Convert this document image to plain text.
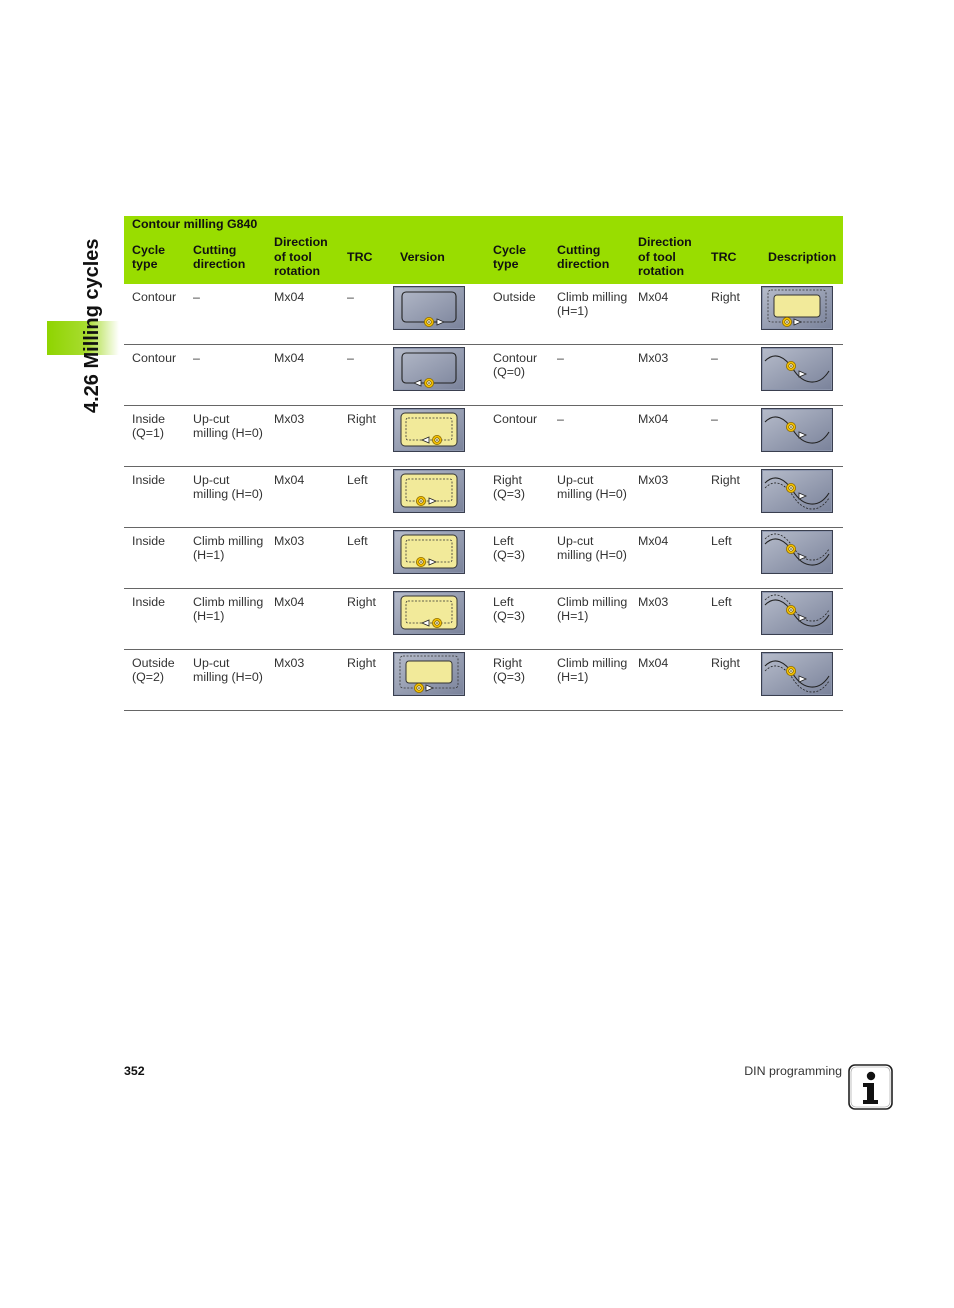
4.26 Milling cycles
Contour milling G840									
Cycle type	Cutting direction	Direction of tool rotation	TRC	Version	Cycle type	Cutting direction	Direction of tool rotation	TRC	Description
Contour	–	Mx04	–		Outside	Climb milling (H=1)	Mx04	Right	

Contour	–	Mx04	–		Contour (Q=0)	–	Mx03	–	

Inside (Q=1)	Up-cut milling (H=0)	Mx03	Right		Contour	–	Mx04	–	

Inside	Up-cut milling (H=0)	Mx04	Left		Right (Q=3)	Up-cut milling (H=0)	Mx03	Right	

Inside	Climb milling (H=1)	Mx03	Left		Left (Q=3)	Up-cut milling (H=0)	Mx04	Left	

Inside	Climb milling (H=1)	Mx04	Right		Left (Q=3)	Climb milling (H=1)	Mx03	Left	

Outside (Q=2)	Up-cut milling (H=0)	Mx03	Right		Right (Q=3)	Climb milling (H=1)	Mx04	Right	
352	DIN programming
